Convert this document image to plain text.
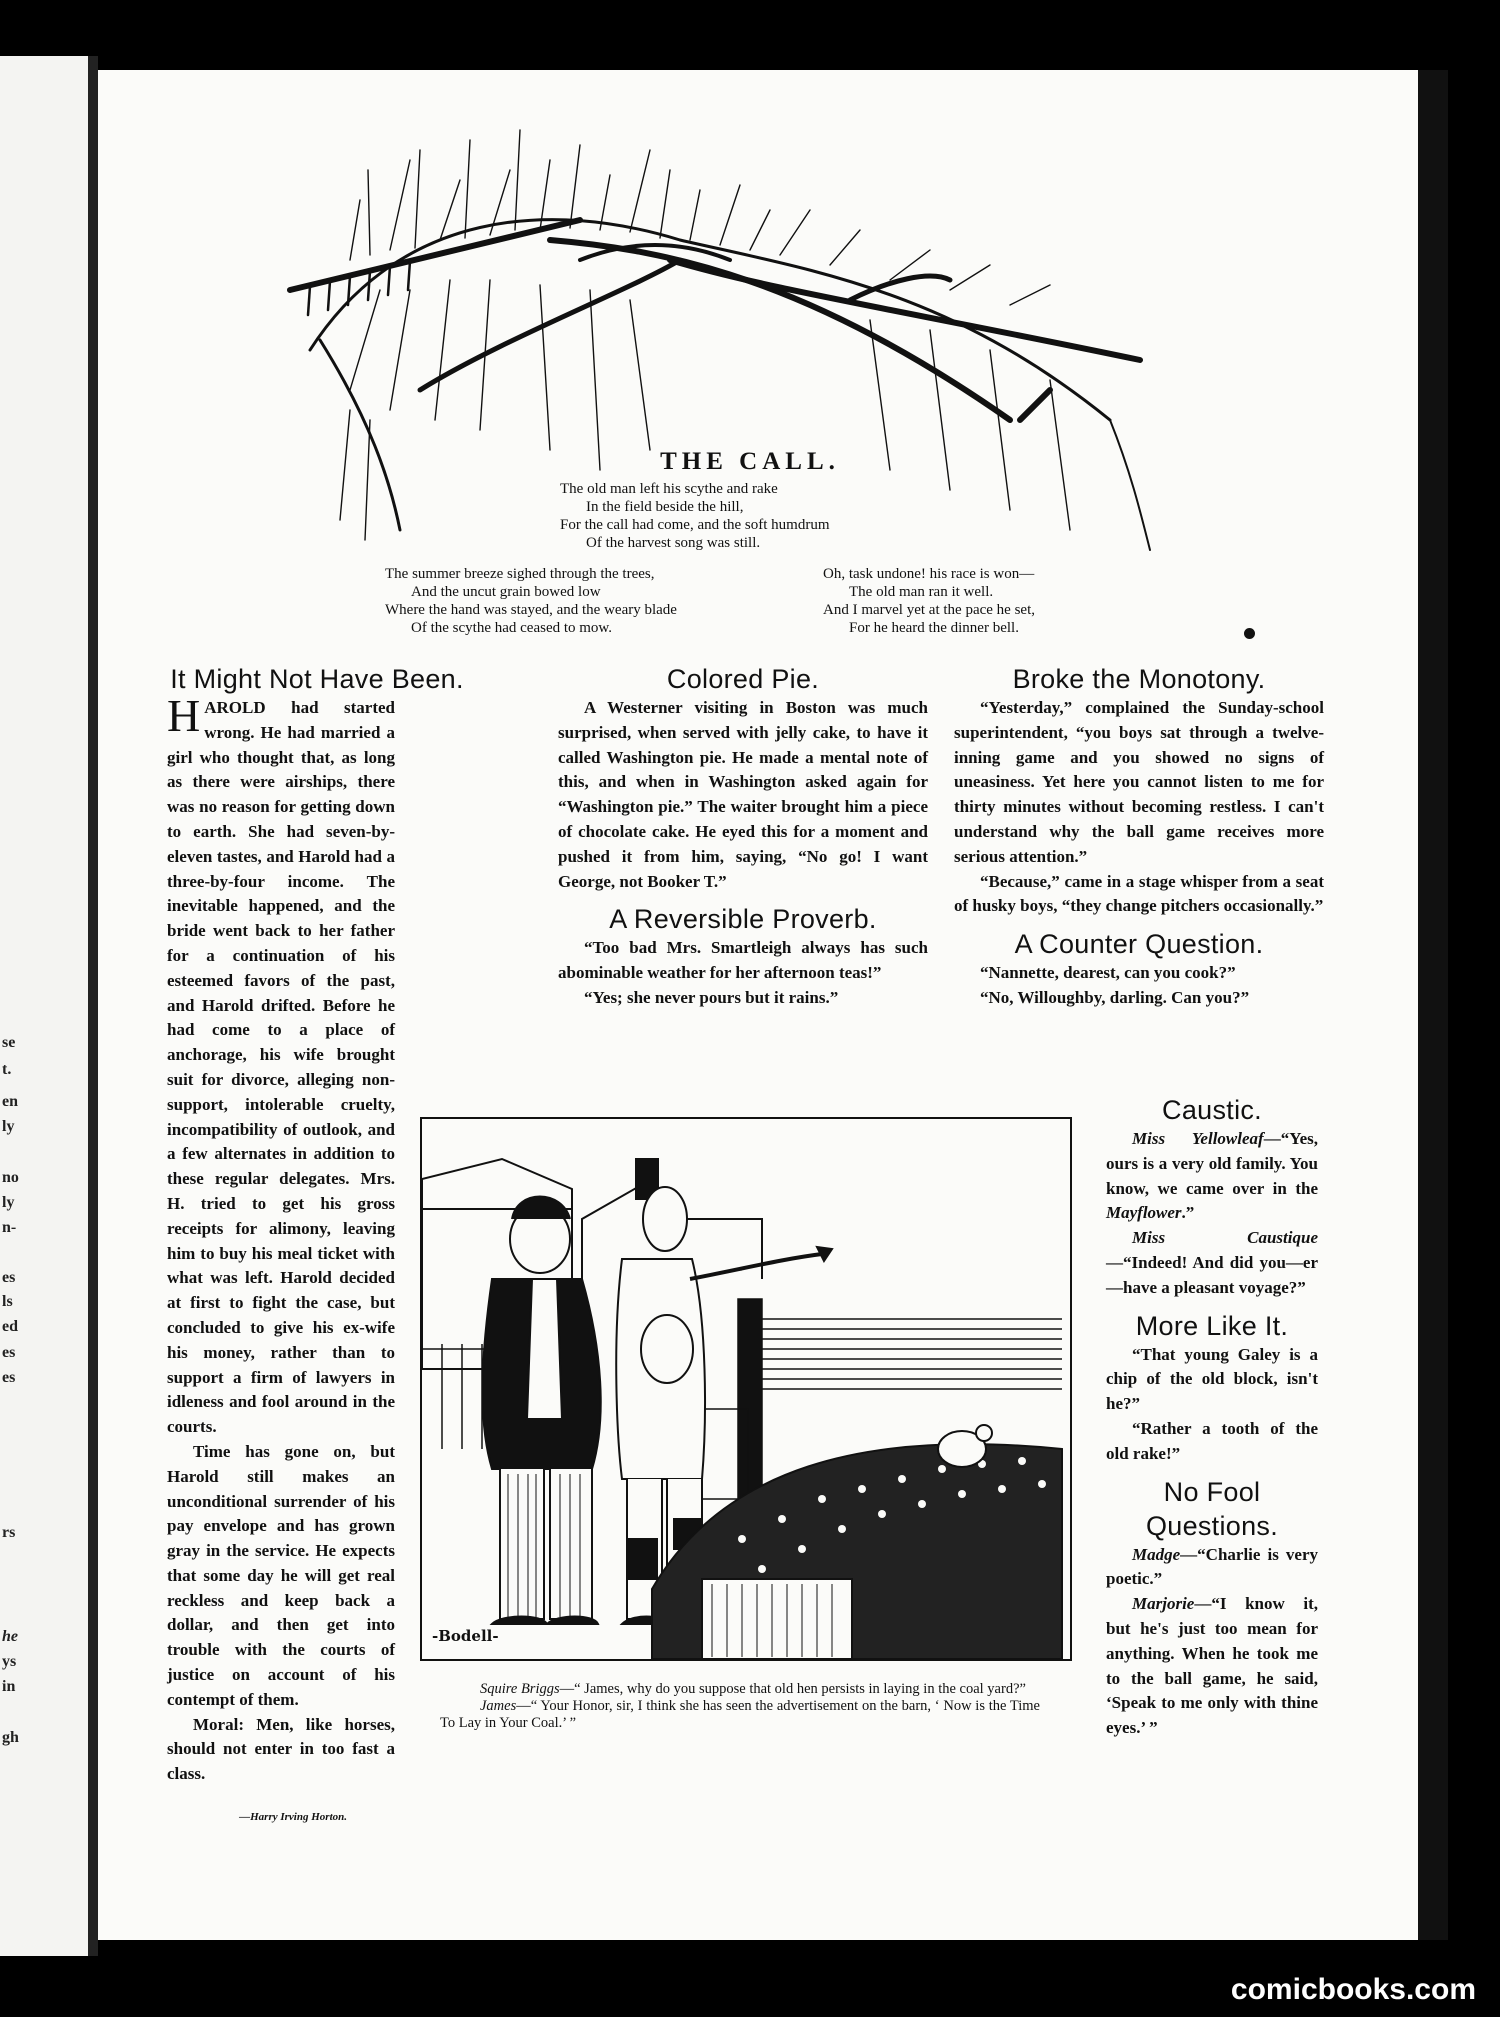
se
t.
en
ly
no
ly
n-
es
ls
ed
es
es
rs
he
ys
in
gh
THE CALL.
The old man left his scythe and rake
In the field beside the hill,
For the call had come, and the soft humdrum
Of the harvest song was still.
The summer breeze sighed through the trees,
And the uncut grain bowed low
Where the hand was stayed, and the weary blade
Of the scythe had ceased to mow.
Oh, task undone! his race is won—
The old man ran it well.
And I marvel yet at the pace he set,
For he heard the dinner bell.
It Might Not Have Been.

HAROLD had started wrong. He had married a girl who thought that, as long as there were airships, there was no reason for getting down to earth. She had seven-by-eleven tastes, and Harold had a three-by-four income. The inevitable happened, and the bride went back to her father for a continuation of his esteemed favors of the past, and Harold drifted. Before he had come to a place of anchorage, his wife brought suit for divorce, alleging non-support, intolerable cruelty, incompatibility of outlook, and a few alternates in addition to these regular delegates. Mrs. H. tried to get his gross receipts for alimony, leaving him to buy his meal ticket with what was left. Harold decided at first to fight the case, but concluded to give his ex-wife his money, rather than to support a firm of lawyers in idleness and fool around in the courts.

Time has gone on, but Harold still makes an unconditional surrender of his pay envelope and has grown gray in the service. He expects that some day he will get real reckless and keep back a dollar, and then get into trouble with the courts of justice on account of his contempt of them.

Moral: Men, like horses, should not enter in too fast a class.

—Harry Irving Horton.
Colored Pie.

A Westerner visiting in Boston was much surprised, when served with jelly cake, to have it called Washington pie. He made a mental note of this, and when in Washington asked again for “Washington pie.” The waiter brought him a piece of chocolate cake. He eyed this for a moment and pushed it from him, saying, “No go! I want George, not Booker T.”

A Reversible Proverb.

“Too bad Mrs. Smartleigh always has such abominable weather for her afternoon teas!”

“Yes; she never pours but it rains.”

Broke the Monotony.

“Yesterday,” complained the Sunday-school superintendent, “you boys sat through a twelve-inning game and you showed no signs of uneasiness. Yet here you cannot listen to me for thirty minutes without becoming restless. I can't understand why the ball game receives more serious attention.”

“Because,” came in a stage whisper from a seat of husky boys, “they change pitchers occasionally.”

A Counter Question.

“Nannette, dearest, can you cook?”

“No, Willoughby, darling. Can you?”

Caustic.

Miss Yellowleaf—“Yes, ours is a very old family. You know, we came over in the Mayflower.”

Miss Caustique—“Indeed! And did you—er—have a pleasant voyage?”

More Like It.

“That young Galey is a chip of the old block, isn't he?”

“Rather a tooth of the old rake!”

No Fool Questions.

Madge—“Charlie is very poetic.”

Marjorie—“I know it, but he's just too mean for anything. When he took me to the ball game, he said, ‘Speak to me only with thine eyes.’ ”

-Bodell-

Squire Briggs—“ James, why do you suppose that old hen persists in laying in the coal yard?”

James—“ Your Honor, sir, I think she has seen the advertisement on the barn, ‘ Now is the Time To Lay in Your Coal.’ ”

comicbooks.com
